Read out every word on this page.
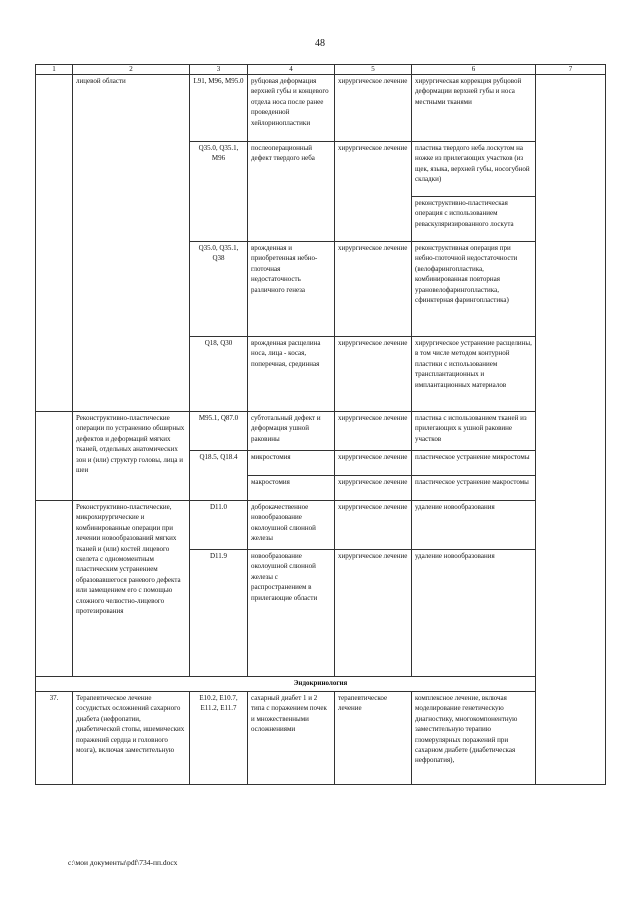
48
1	2	3	4	5	6	7	
	лицевой области	L91, M96, M95.0	рубцовая деформация верхней губы и концевого отдела носа после ранее проведенной хейлоринопластики	хирургическое лечение	хирургическая коррекция рубцовой деформации верхней губы и носа местными тканями		
		Q35.0, Q35.1, M96	послеоперационный дефект твердого неба	хирургическое лечение	пластика твердого неба лоскутом на ножке из прилегающих участков (из щек, языка, верхней губы, носогубной складки)		
					реконструктивно-пластическая операция с использованием реваскуляризированного лоскута		
		Q35.0, Q35.1, Q38	врожденная и приобретенная небно-глоточная недостаточность различного генеза	хирургическое лечение	реконструктивная операция при небно-глоточной недостаточности (велофарингопластика, комбинированная повторная урановелофарингопластика, сфинктерная фарингопластика)		
		Q18, Q30	врожденная расщелина носа, лица - косая, поперечная, срединная	хирургическое лечение	хирургическое устранение расщелины, в том числе методом контурной пластики с использованием трансплантационных и имплантационных материалов		
	Реконструктивно-пластические операции по устранению обширных дефектов и деформаций мягких тканей, отдельных анатомических зон и (или) структур головы, лица и шеи	M95.1, Q87.0	субтотальный дефект и деформация ушной раковины	хирургическое лечение	пластика с использованием тканей из прилегающих к ушной раковине участков		
		Q18.5, Q18.4	микростомия	хирургическое лечение	пластическое устранение микростомы		
			макростомия	хирургическое лечение	пластическое устранение макростомы		
	Реконструктивно-пластические, микрохирургические и комбинированные операции при лечении новообразований мягких тканей и (или) костей лицевого скелета с одномоментным пластическим устранением образовавшегося раневого дефекта или замещением его с помощью сложного челюстно-лицевого протезирования	D11.0	доброкачественное новообразование околоушной слюнной железы	хирургическое лечение	удаление новообразования		
		D11.9	новообразование околоушной слюнной железы с распространением в прилегающие области	хирургическое лечение	удаление новообразования		
Эндокринология							
37.	Терапевтическое лечение сосудистых осложнений сахарного диабета (нефропатии, диабетической стопы, ишемических поражений сердца и головного мозга), включая заместительную	E10.2, E10.7, E11.2, E11.7	сахарный диабет 1 и 2 типа с поражением почек и множественными осложнениями	терапевтическое лечение	комплексное лечение, включая моделирование генетическую диагностику, многокомпонентную заместительную терапию гломерулярных поражений при сахарном диабете (диабетическая нефропатия),	
c:\мои документы\pdf\734-пп.docx
